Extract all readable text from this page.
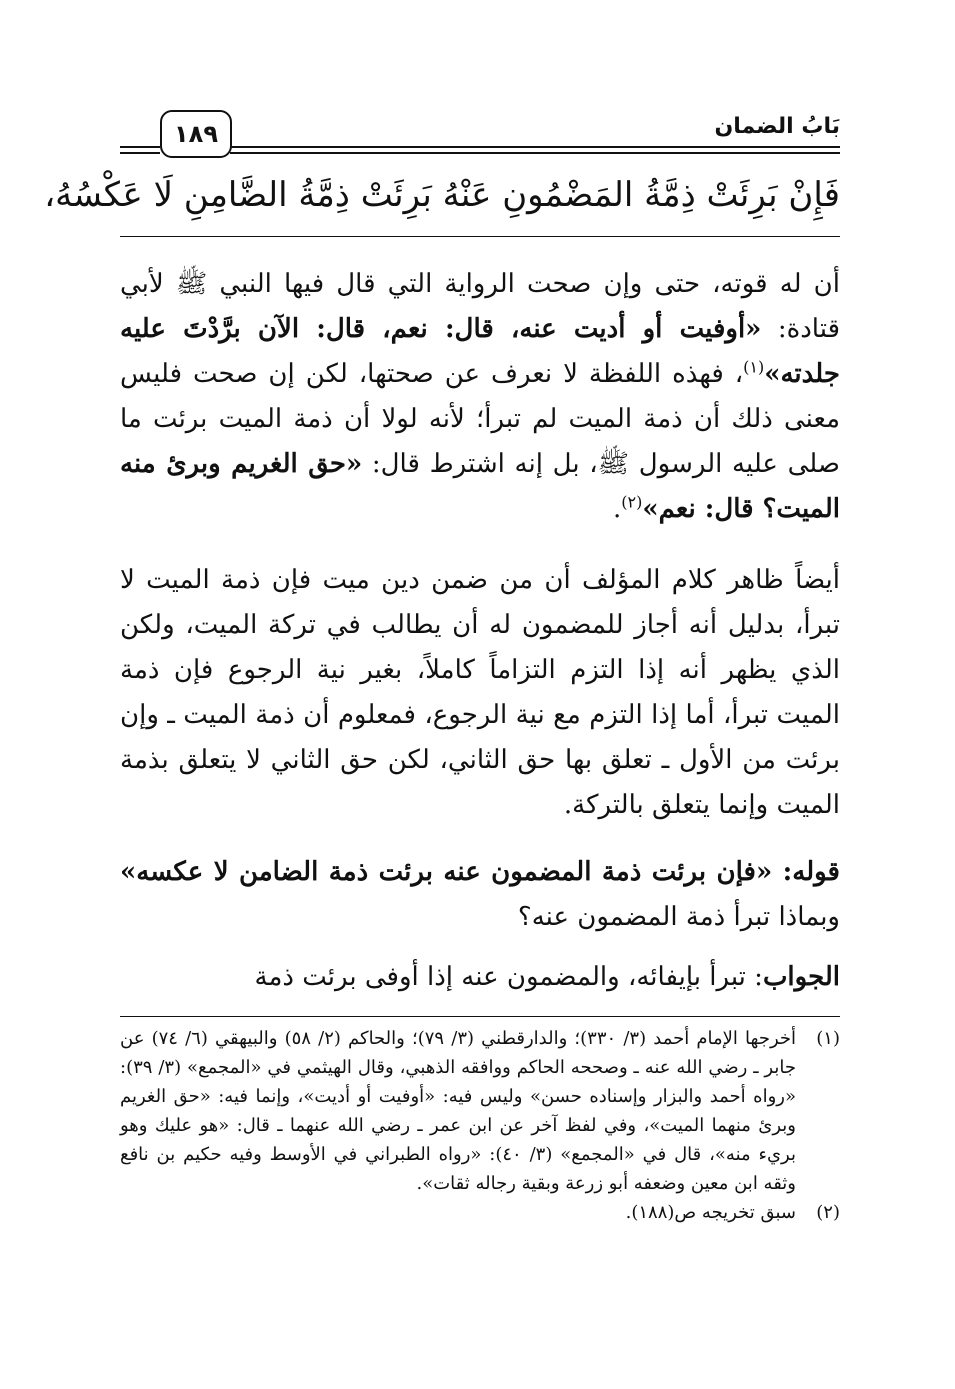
بَابُ الضمان
١٨٩
فَإِنْ بَرِئَتْ ذِمَّةُ المَضْمُونِ عَنْهُ بَرِئَتْ ذِمَّةُ الضَّامِنِ لَا عَكْسُهُ،

أن له قوته، حتى وإن صحت الرواية التي قال فيها النبي ﷺ لأبي قتادة: «أوفيت أو أديت عنه، قال: نعم، قال: الآن برَّدْتَ عليه جلدته»$^{(١)}$، فهذه اللفظة لا نعرف عن صحتها، لكن إن صحت فليس معنى ذلك أن ذمة الميت لم تبرأ؛ لأنه لولا أن ذمة الميت برئت ما صلى عليه الرسول ﷺ، بل إنه اشترط قال: «حق الغريم وبرئ منه الميت؟ قال: نعم»$^{(٢)}$.

أيضاً ظاهر كلام المؤلف أن من ضمن دين ميت فإن ذمة الميت لا تبرأ، بدليل أنه أجاز للمضمون له أن يطالب في تركة الميت، ولكن الذي يظهر أنه إذا التزم التزاماً كاملاً، بغير نية الرجوع فإن ذمة الميت تبرأ، أما إذا التزم مع نية الرجوع، فمعلوم أن ذمة الميت ـ وإن برئت من الأول ـ تعلق بها حق الثاني، لكن حق الثاني لا يتعلق بذمة الميت وإنما يتعلق بالتركة.

قوله: «فإن برئت ذمة المضمون عنه برئت ذمة الضامن لا عكسه» وبماذا تبرأ ذمة المضمون عنه؟

الجواب: تبرأ بإيفائه، والمضمون عنه إذا أوفى برئت ذمة

(١)
أخرجها الإمام أحمد (٣/ ٣٣٠)؛ والدارقطني (٣/ ٧٩)؛ والحاكم (٢/ ٥٨) والبيهقي (٦/ ٧٤) عن جابر ـ رضي الله عنه ـ وصححه الحاكم ووافقه الذهبي، وقال الهيثمي في «المجمع» (٣/ ٣٩): «رواه أحمد والبزار وإسناده حسن» وليس فيه: «أوفيت أو أديت»، وإنما فيه: «حق الغريم وبرئ منهما الميت»، وفي لفظ آخر عن ابن عمر ـ رضي الله عنهما ـ قال: «هو عليك وهو بريء منه»، قال في «المجمع» (٣/ ٤٠): «رواه الطبراني في الأوسط وفيه حكيم بن نافع وثقه ابن معين وضعفه أبو زرعة وبقية رجاله ثقات».
(٢)
سبق تخريجه ص(١٨٨).
